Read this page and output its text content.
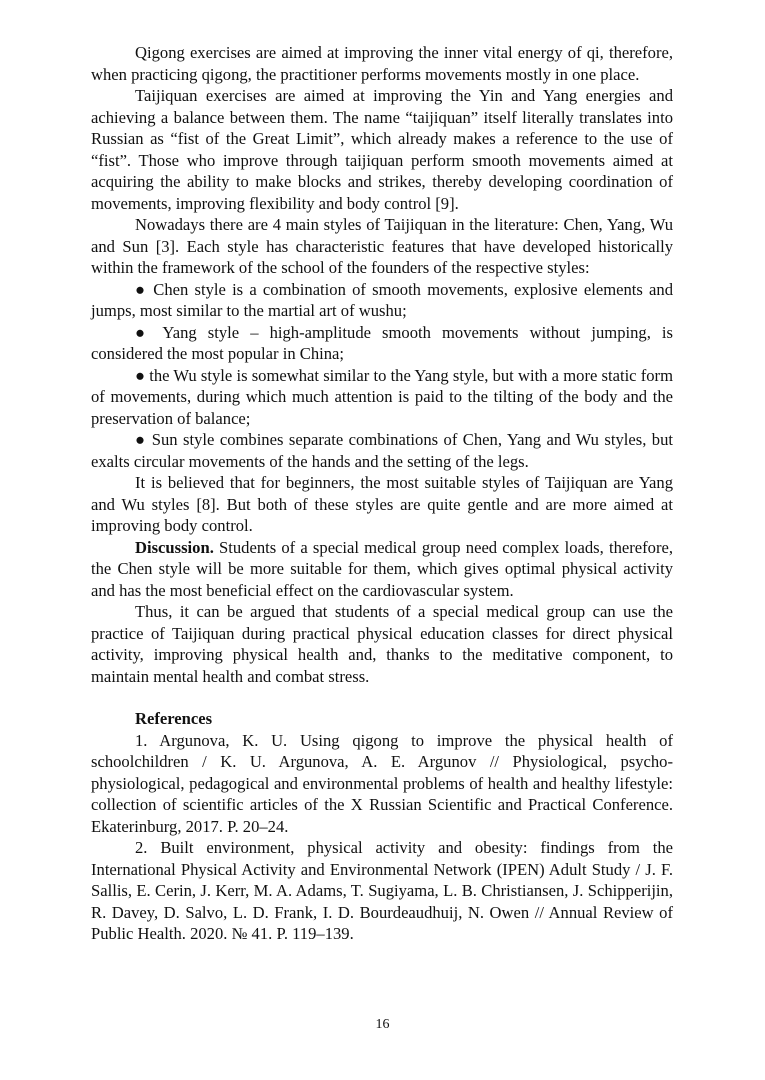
Qigong exercises are aimed at improving the inner vital energy of qi, therefore, when practicing qigong, the practitioner performs movements mostly in one place.

Taijiquan exercises are aimed at improving the Yin and Yang energies and achieving a balance between them. The name “taijiquan” itself literally translates into Russian as “fist of the Great Limit”, which already makes a reference to the use of “fist”. Those who improve through taijiquan perform smooth movements aimed at acquiring the ability to make blocks and strikes, thereby developing coordination of movements, improving flexibility and body control [9].

Nowadays there are 4 main styles of Taijiquan in the literature: Chen, Yang, Wu and Sun [3]. Each style has characteristic features that have developed historically within the framework of the school of the founders of the respective styles:

● Chen style is a combination of smooth movements, explosive elements and jumps, most similar to the martial art of wushu;

● Yang style – high-amplitude smooth movements without jumping, is considered the most popular in China;

● the Wu style is somewhat similar to the Yang style, but with a more static form of movements, during which much attention is paid to the tilting of the body and the preservation of balance;

● Sun style combines separate combinations of Chen, Yang and Wu styles, but exalts circular movements of the hands and the setting of the legs.

It is believed that for beginners, the most suitable styles of Taijiquan are Yang and Wu styles [8]. But both of these styles are quite gentle and are more aimed at improving body control.

Discussion. Students of a special medical group need complex loads, therefore, the Chen style will be more suitable for them, which gives optimal physical activity and has the most beneficial effect on the cardiovascular system.

Thus, it can be argued that students of a special medical group can use the practice of Taijiquan during practical physical education classes for direct physical activity, improving physical health and, thanks to the meditative component, to maintain mental health and combat stress.

References

1. Argunova, K. U. Using qigong to improve the physical health of schoolchildren / K. U. Argunova, A. E. Argunov // Physiological, psycho-physiological, pedagogical and environmental problems of health and healthy lifestyle: collection of scientific articles of the X Russian Scientific and Practical Conference. Ekaterinburg, 2017. P. 20–24.

2. Built environment, physical activity and obesity: findings from the International Physical Activity and Environmental Network (IPEN) Adult Study / J. F. Sallis, E. Cerin, J. Kerr, M. A. Adams, T. Sugiyama, L. B. Christiansen, J. Schipperijin, R. Davey, D. Salvo, L. D. Frank, I. D. Bourdeaudhuij, N. Owen // Annual Review of Public Health. 2020. № 41. P. 119–139.

16
